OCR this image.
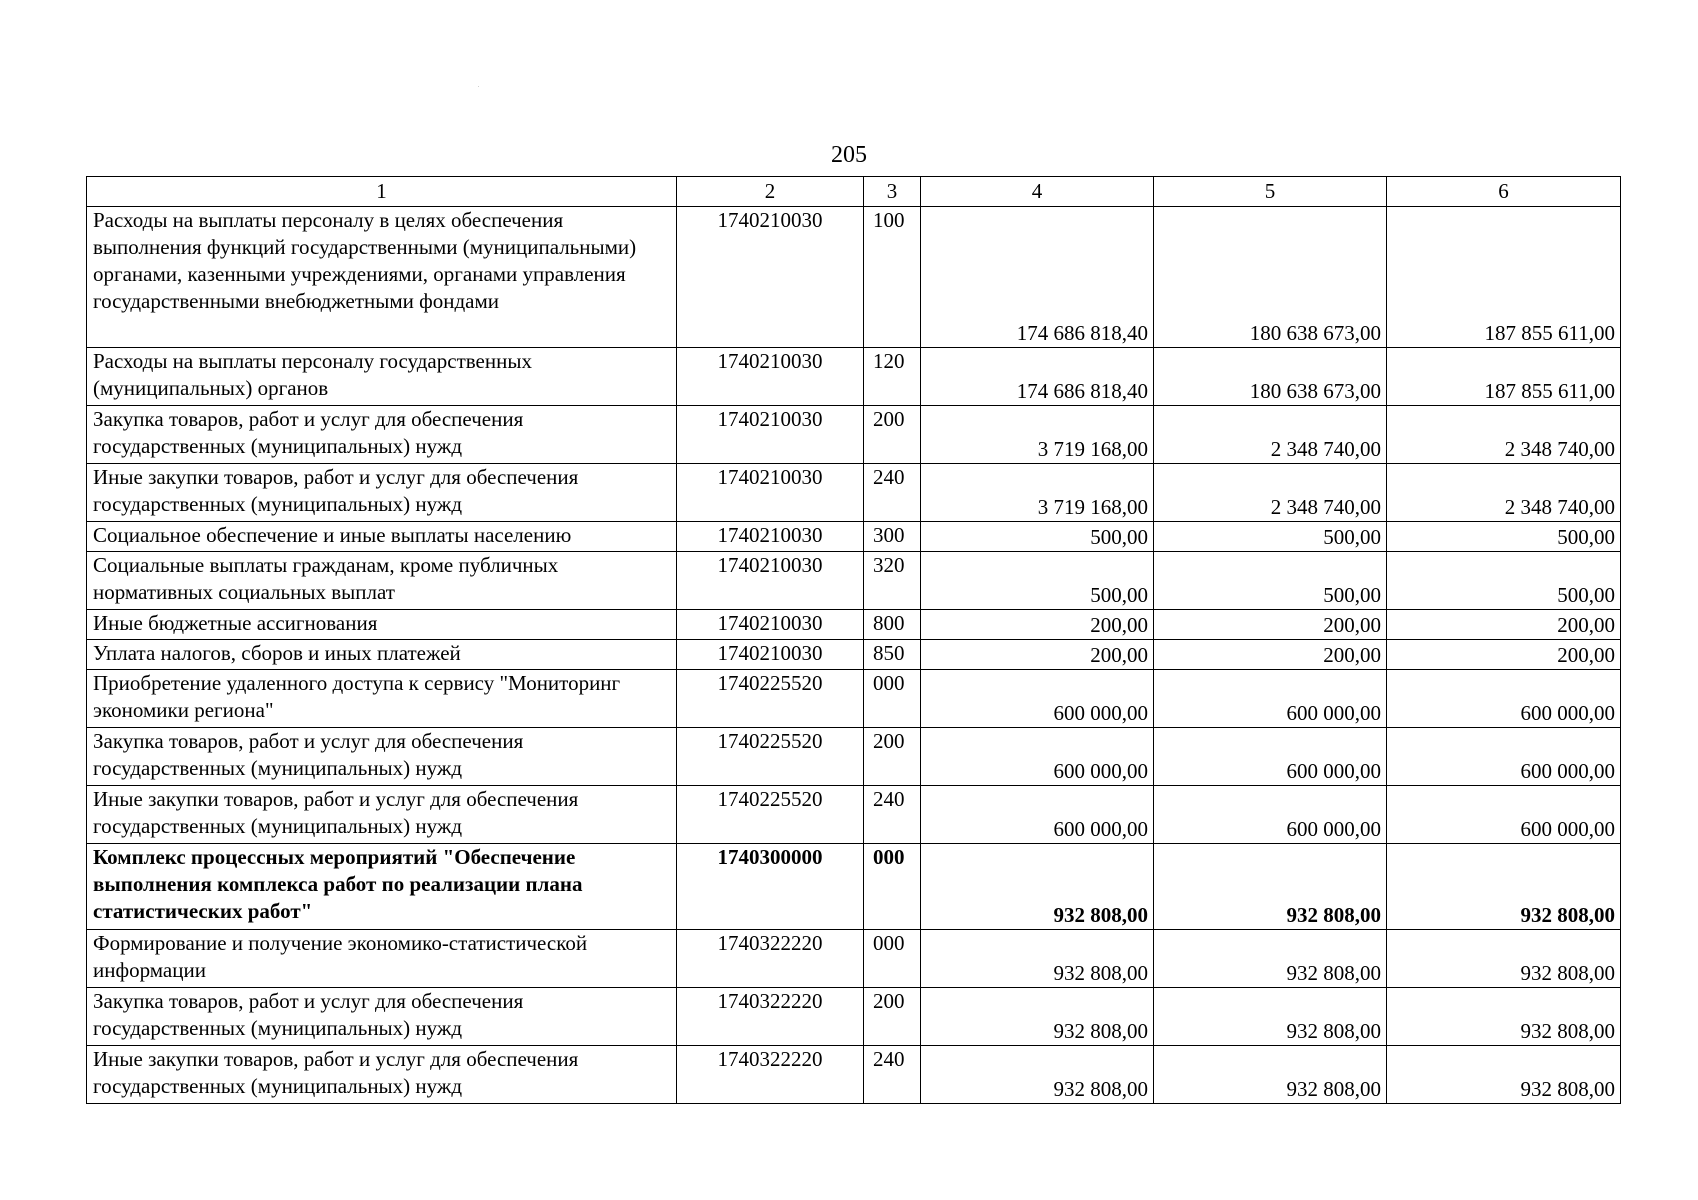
205
1	2	3	4	5	6
Расходы на выплаты персоналу в целях обеспечения выполнения функций государственными (муниципальными) органами, казенными учреждениями, органами управления государственными внебюджетными фондами	1740210030	100	174 686 818,40	180 638 673,00	187 855 611,00
Расходы на выплаты персоналу государственных (муниципальных) органов	1740210030	120	174 686 818,40	180 638 673,00	187 855 611,00
Закупка товаров, работ и услуг для обеспечения государственных (муниципальных) нужд	1740210030	200	3 719 168,00	2 348 740,00	2 348 740,00
Иные закупки товаров, работ и услуг для обеспечения государственных (муниципальных) нужд	1740210030	240	3 719 168,00	2 348 740,00	2 348 740,00
Социальное обеспечение и иные выплаты населению	1740210030	300	500,00	500,00	500,00
Социальные выплаты гражданам, кроме публичных нормативных социальных выплат	1740210030	320	500,00	500,00	500,00
Иные бюджетные ассигнования	1740210030	800	200,00	200,00	200,00
Уплата налогов, сборов и иных платежей	1740210030	850	200,00	200,00	200,00
Приобретение удаленного доступа к сервису "Мониторинг экономики региона"	1740225520	000	600 000,00	600 000,00	600 000,00
Закупка товаров, работ и услуг для обеспечения государственных (муниципальных) нужд	1740225520	200	600 000,00	600 000,00	600 000,00
Иные закупки товаров, работ и услуг для обеспечения государственных (муниципальных) нужд	1740225520	240	600 000,00	600 000,00	600 000,00
Комплекс процессных мероприятий "Обеспечение выполнения комплекса работ по реализации плана статистических работ"	1740300000	000	932 808,00	932 808,00	932 808,00
Формирование и получение экономико-статистической информации	1740322220	000	932 808,00	932 808,00	932 808,00
Закупка товаров, работ и услуг для обеспечения государственных (муниципальных) нужд	1740322220	200	932 808,00	932 808,00	932 808,00
Иные закупки товаров, работ и услуг для обеспечения государственных (муниципальных) нужд	1740322220	240	932 808,00	932 808,00	932 808,00
